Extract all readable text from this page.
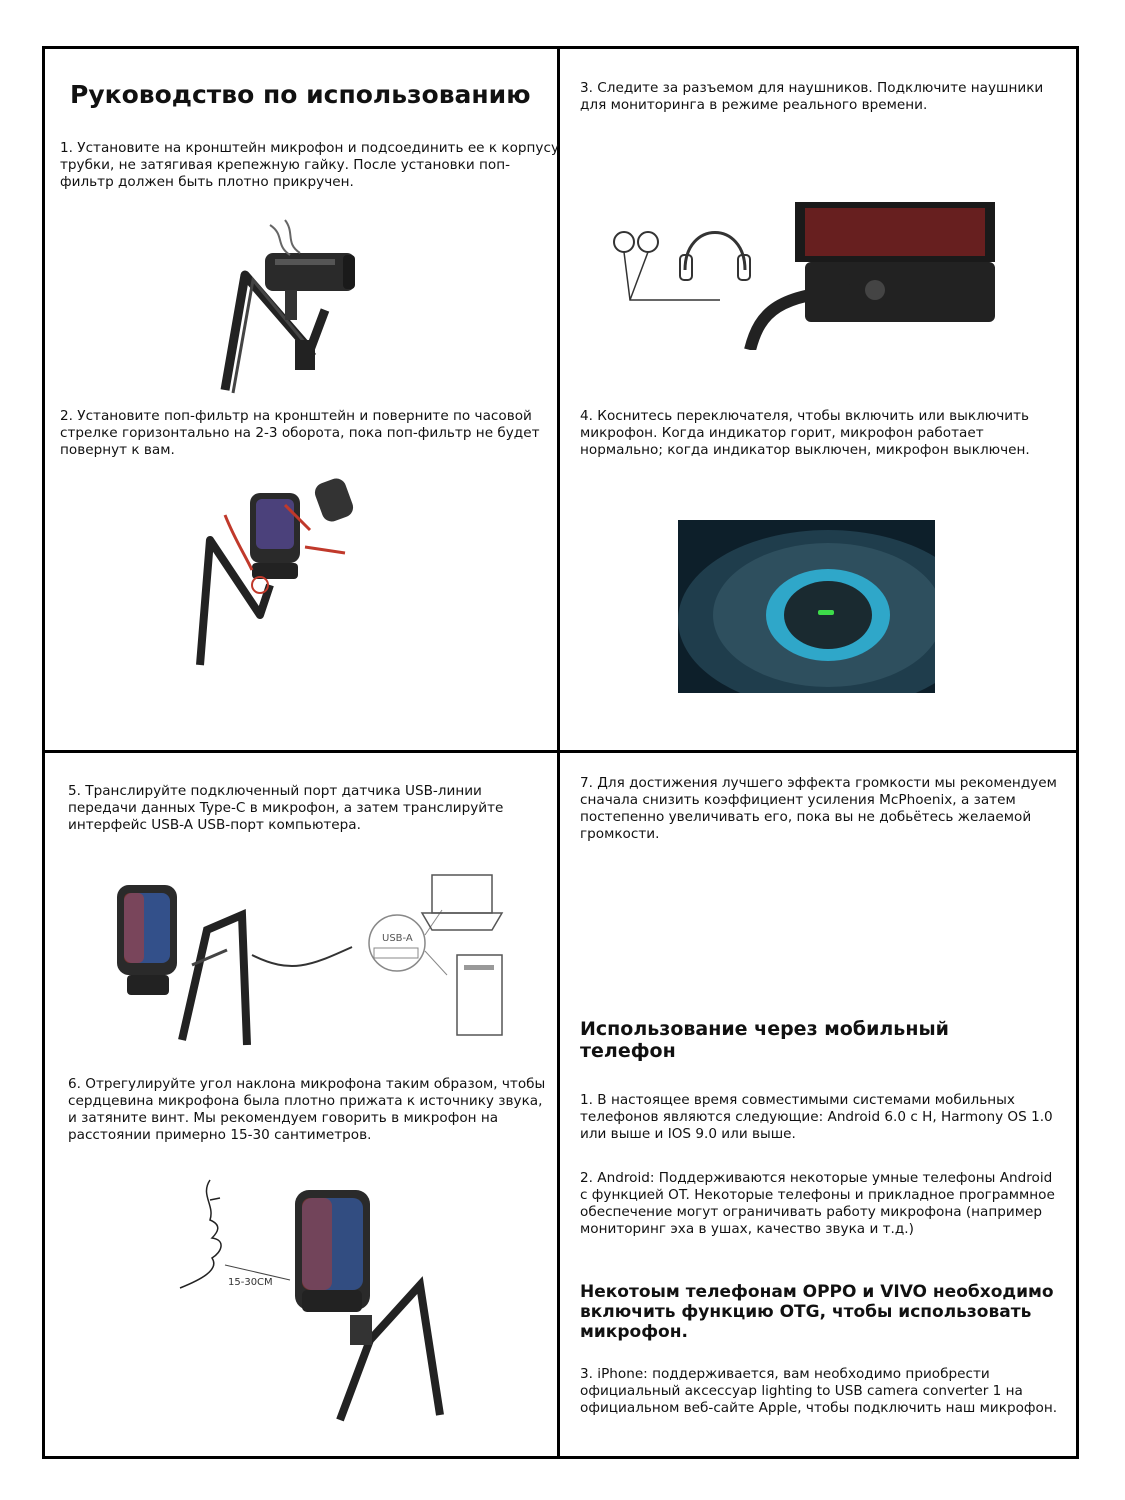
Руководство по использованию
1. Установите на кронштейн микрофон и подсоединить ее к корпусу трубки, не затягивая крепежную гайку. После установки поп-фильтр должен быть плотно прикручен.
2. Установите поп-фильтр на кронштейн и поверните по часовой стрелке горизонтально на 2-3 оборота, пока поп-фильтр не будет повернут к вам.
3. Следите за разъемом для наушников. Подключите наушники для мониторинга в режиме реального времени.
4. Коснитесь переключателя, чтобы включить или выключить микрофон. Когда индикатор горит, микрофон работает нормально; когда индикатор выключен, микрофон выключен.
5. Транслируйте подключенный порт датчика USB-линии передачи данных Type-C в микрофон, а затем транслируйте интерфейс USB-A USB-порт компьютера.
USB-A
6. Отрегулируйте угол наклона микрофона таким образом, чтобы сердцевина микрофона была плотно прижата к источнику звука, и затяните винт. Мы рекомендуем говорить в микрофон на расстоянии примерно 15-30 сантиметров.
15-30CM
7. Для достижения лучшего эффекта громкости мы рекомендуем сначала снизить коэффициент усиления McPhoenix, а затем постепенно увеличивать его, пока вы не добьётесь желаемой громкости.
Использование через мобильный телефон
1. В настоящее время совместимыми системами мобильных телефонов являются следующие: Android 6.0 с H, Harmony OS 1.0 или выше и IOS 9.0 или выше.
2. Android: Поддерживаются некоторые умные телефоны Android с функцией OT. Некоторые телефоны и прикладное программное обеспечение могут ограничивать работу микрофона (например мониторинг эха в ушах, качество звука и т.д.)
Некотоым телефонам OPPO и VIVO необходимо включить функцию OTG, чтобы использовать микрофон.
3. iPhone: поддерживается, вам необходимо приобрести официальный аксессуар lighting to USB camera converter 1 на официальном веб-сайте Apple, чтобы подключить наш микрофон.
